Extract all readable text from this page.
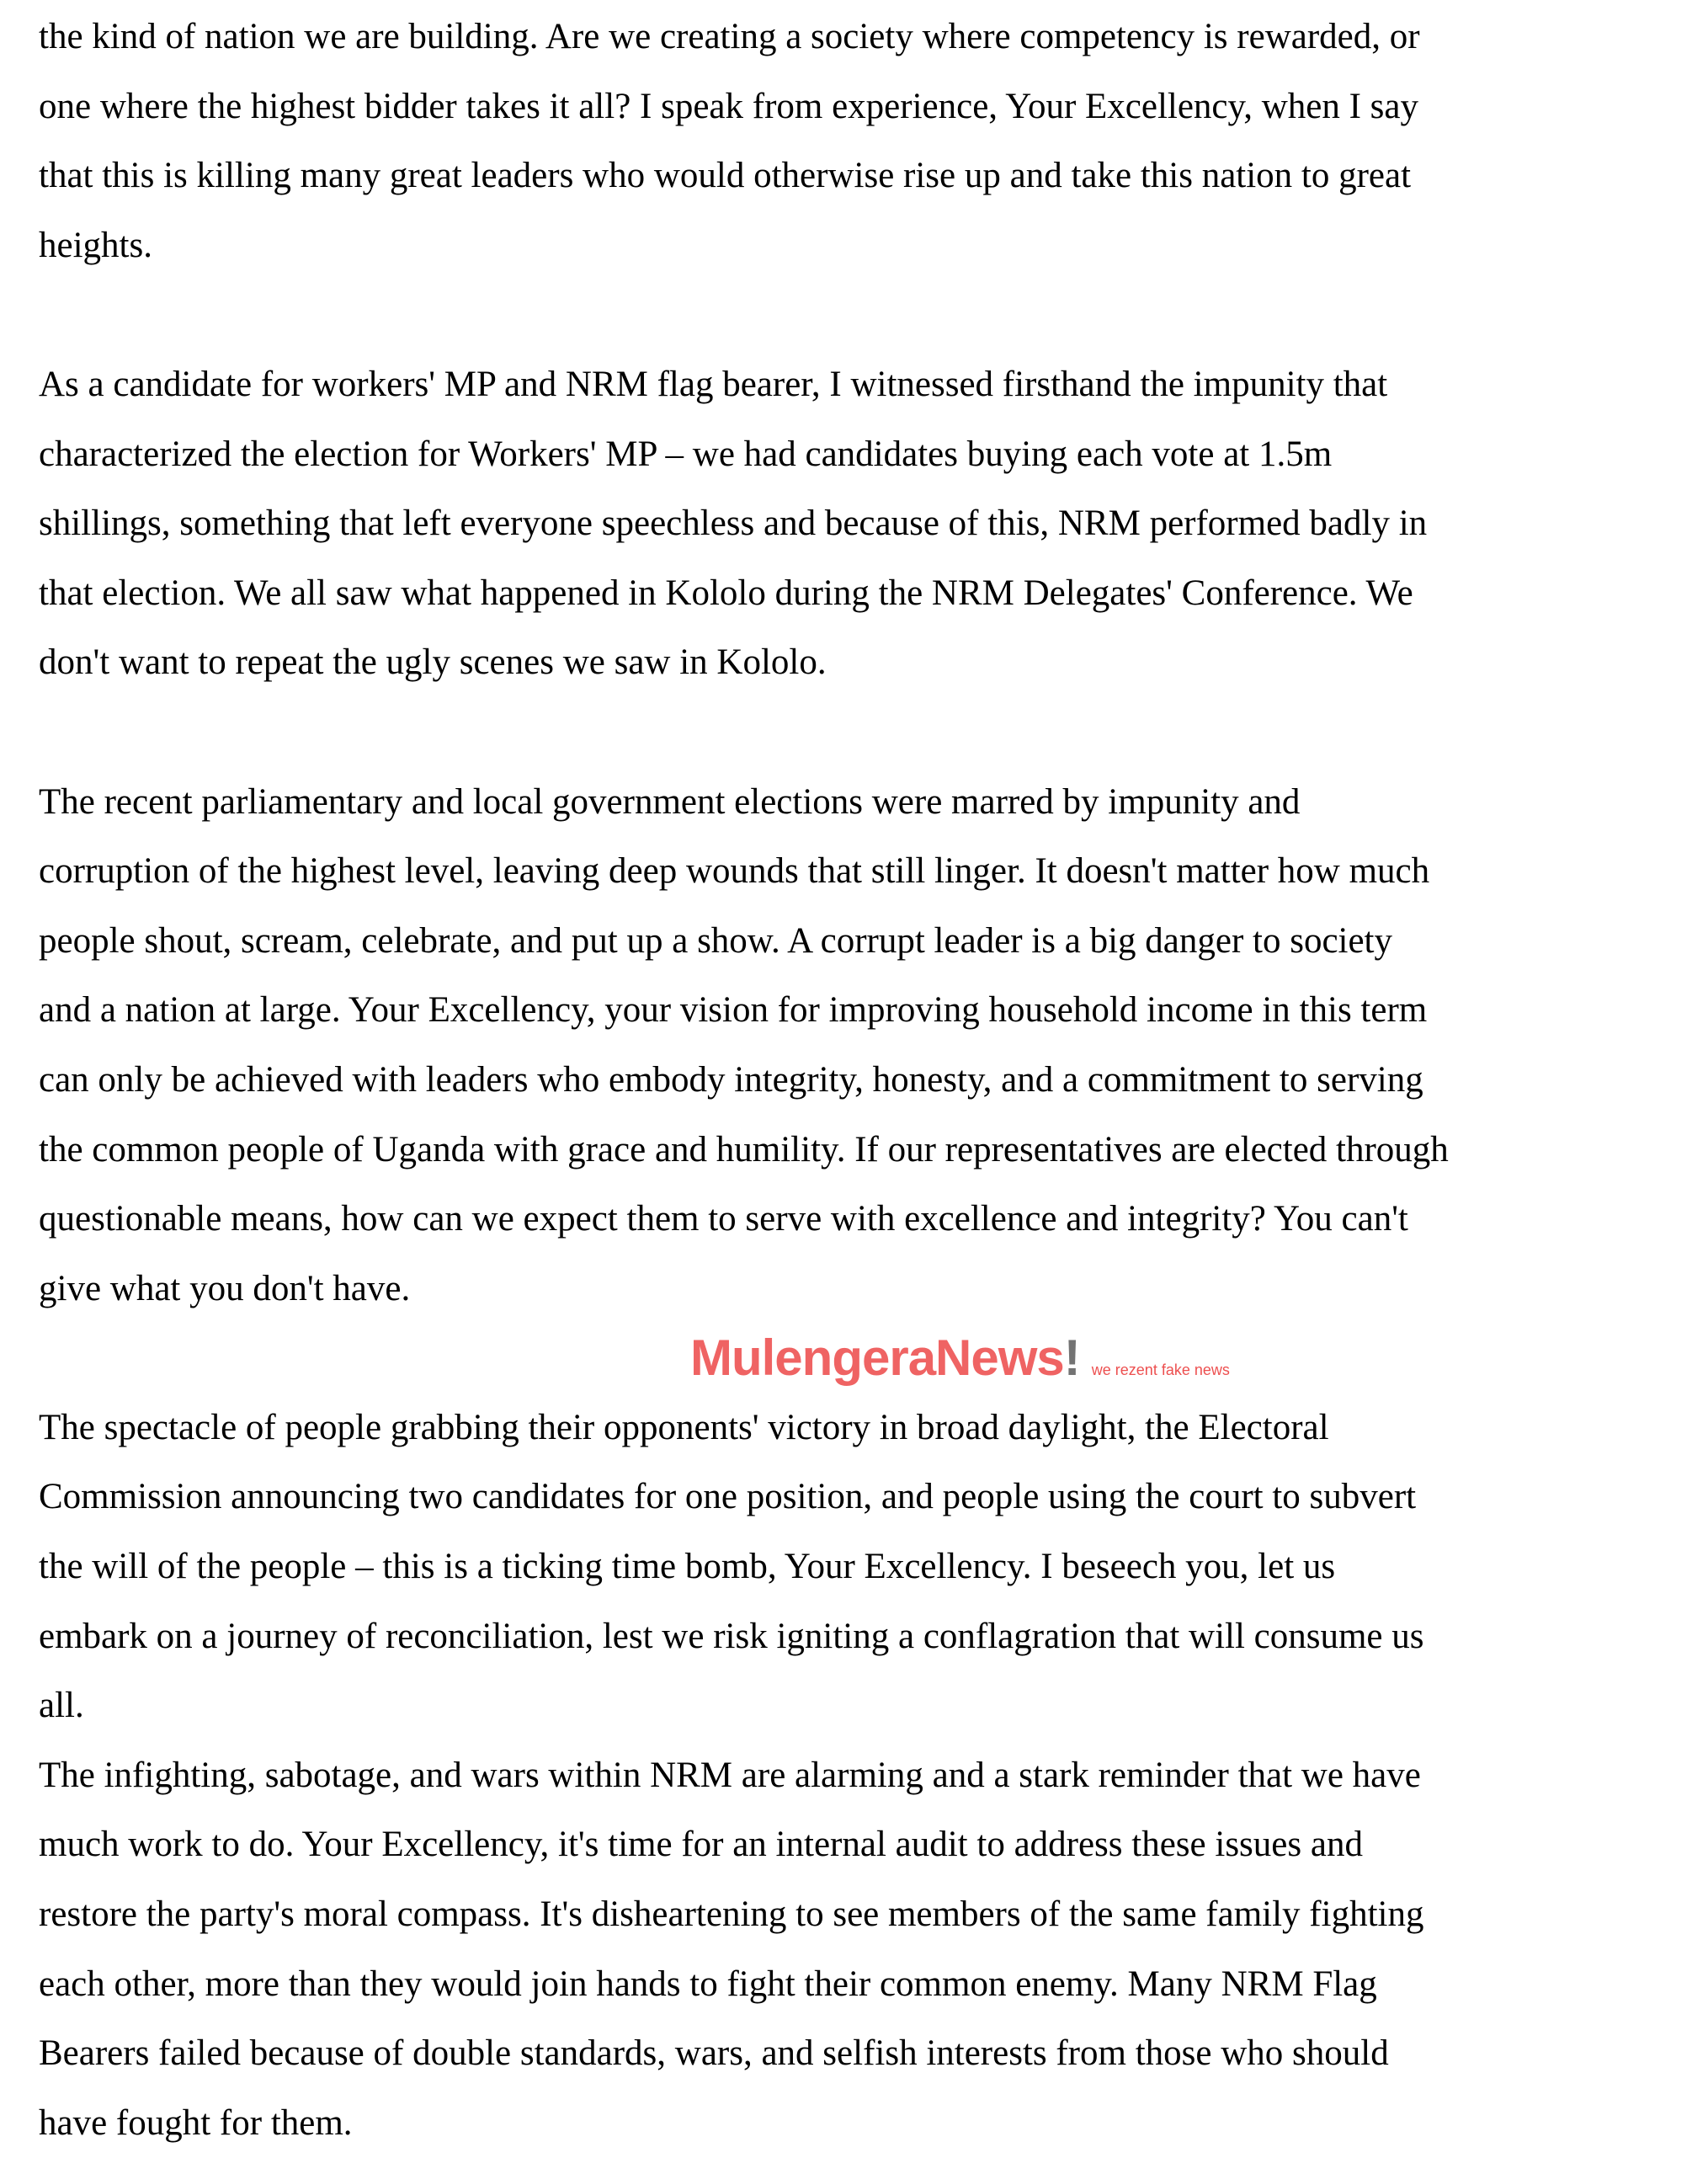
the kind of nation we are building. Are we creating a society where competency is rewarded, or
one where the highest bidder takes it all? I speak from experience, Your Excellency, when I say
that this is killing many great leaders who would otherwise rise up and take this nation to great
heights.
As a candidate for workers' MP and NRM flag bearer, I witnessed firsthand the impunity that
characterized the election for Workers' MP – we had candidates buying each vote at 1.5m
shillings, something that left everyone speechless and because of this, NRM performed badly in
that election. We all saw what happened in Kololo during the NRM Delegates' Conference. We
don't want to repeat the ugly scenes we saw in Kololo.
The recent parliamentary and local government elections were marred by impunity and
corruption of the highest level, leaving deep wounds that still linger. It doesn't matter how much
people shout, scream, celebrate, and put up a show. A corrupt leader is a big danger to society
and a nation at large. Your Excellency, your vision for improving household income in this term
can only be achieved with leaders who embody integrity, honesty, and a commitment to serving
the common people of Uganda with grace and humility. If our representatives are elected through
questionable means, how can we expect them to serve with excellence and integrity? You can't
give what you don't have.
MulengeraNews! we rezent fake news
The spectacle of people grabbing their opponents' victory in broad daylight, the Electoral
Commission announcing two candidates for one position, and people using the court to subvert
the will of the people – this is a ticking time bomb, Your Excellency. I beseech you, let us
embark on a journey of reconciliation, lest we risk igniting a conflagration that will consume us
all.
The infighting, sabotage, and wars within NRM are alarming and a stark reminder that we have
much work to do. Your Excellency, it's time for an internal audit to address these issues and
restore the party's moral compass. It's disheartening to see members of the same family fighting
each other, more than they would join hands to fight their common enemy. Many NRM Flag
Bearers failed because of double standards, wars, and selfish interests from those who should
have fought for them.
